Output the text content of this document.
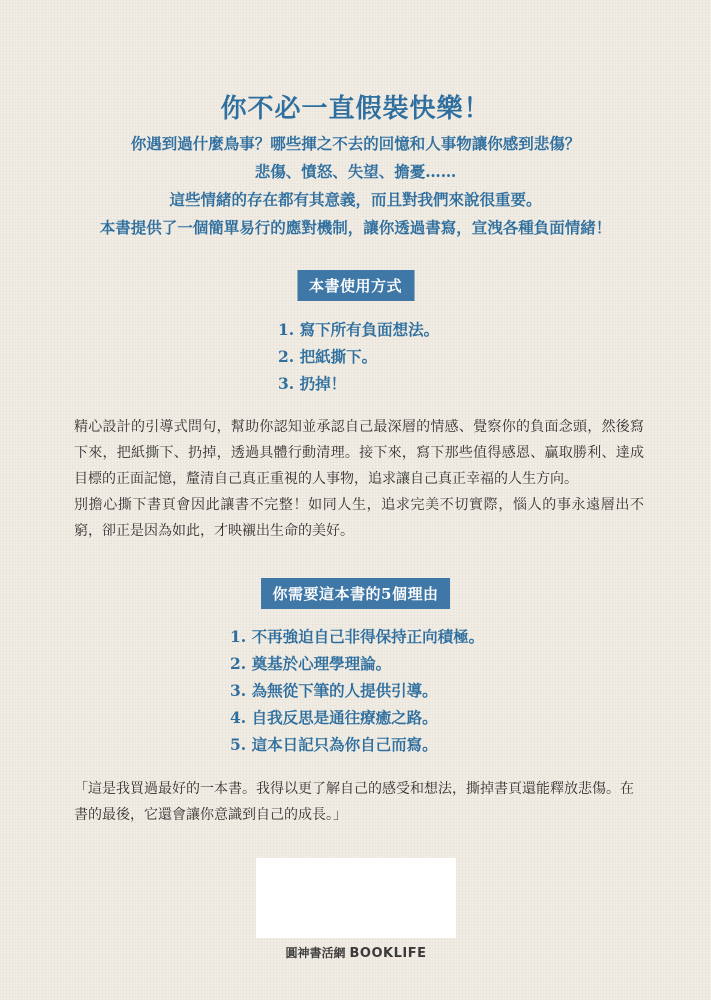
你不必一直假裝快樂！
你遇到過什麼鳥事？哪些揮之不去的回憶和人事物讓你感到悲傷？
悲傷、憤怒、失望、擔憂……
這些情緒的存在都有其意義，而且對我們來說很重要。
本書提供了一個簡單易行的應對機制，讓你透過書寫，宣洩各種負面情緒！
本書使用方式
1. 寫下所有負面想法。
2. 把紙撕下。
3. 扔掉！

精心設計的引導式問句，幫助你認知並承認自己最深層的情感、覺察你的負面念頭，然後寫下來，把紙撕下、扔掉，透過具體行動清理。接下來，寫下那些值得感恩、贏取勝利、達成目標的正面記憶，釐清自己真正重視的人事物，追求讓自己真正幸福的人生方向。

別擔心撕下書頁會因此讓書不完整！如同人生，追求完美不切實際，惱人的事永遠層出不窮，卻正是因為如此，才映襯出生命的美好。

你需要這本書的5個理由
1. 不再強迫自己非得保持正向積極。
2. 奠基於心理學理論。
3. 為無從下筆的人提供引導。
4. 自我反思是通往療癒之路。
5. 這本日記只為你自己而寫。
「這是我買過最好的一本書。我得以更了解自己的感受和想法，撕掉書頁還能釋放悲傷。在書的最後，它還會讓你意識到自己的成長。」
圓神書活網 BOOKLIFE
